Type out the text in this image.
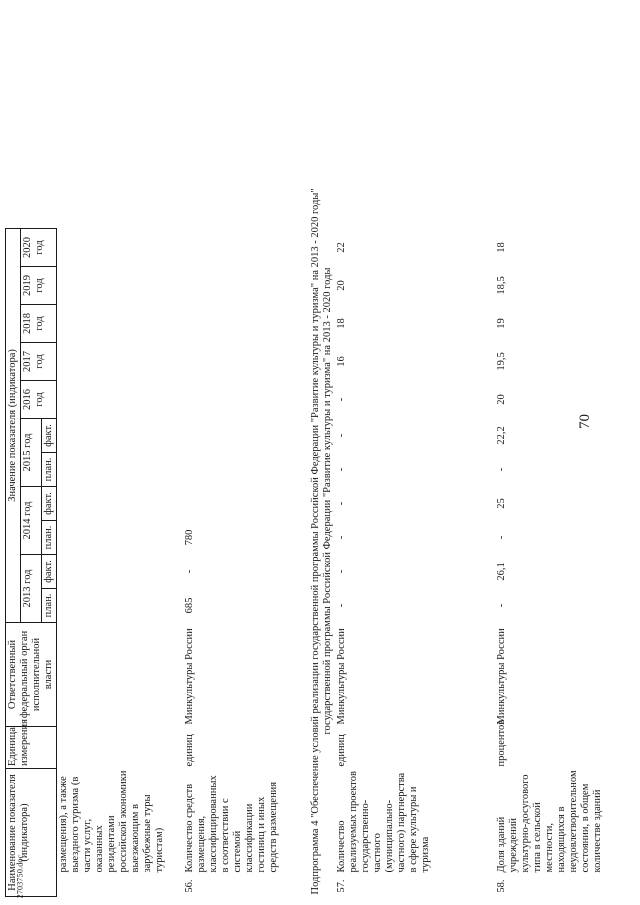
70
2703750.doc
Наименование показателя (индикатора)		Единица измерения	Ответственный федеральный орган исполнительной власти	Значение показателя (индикатора)											
				2013 год		2014 год		2015 год		2016 год	2017 год	2018 год	2019 год	2020 год	
				план.	факт.	план.	факт.	план.	факт.						
	размещения), а также выездного туризма (в части услуг, оказанных резидентами российской экономики выезжающим в зарубежные туры туристам)														
56.	Количество средств размещения, классифицированных в соответствии с системой классификации гостиниц и иных средств размещения	единиц	Минкультуры России	685	-	780									

Подпрограмма 4 "Обеспечение условий реализации государственной программы Российской Федерации "Развитие культуры и туризма" на 2013 - 2020 годы" государственной программы Российской Федерации "Развитие культуры и туризма" на 2013 - 2020 годы															

57.	Количество реализуемых проектов государственно-частного (муниципально-частного) партнерства в сфере культуры и туризма	единиц	Минкультуры России	-	-	-	-	-	-	-	16	18	20	22	
58.	Доля зданий учреждений культурно-досугового типа в сельской местности, находящихся в неудовлетворительном состоянии, в общем количестве зданий	процентов	Минкультуры России	-	26,1	-	25	-	22,2	20	19,5	19	18,5	18	
